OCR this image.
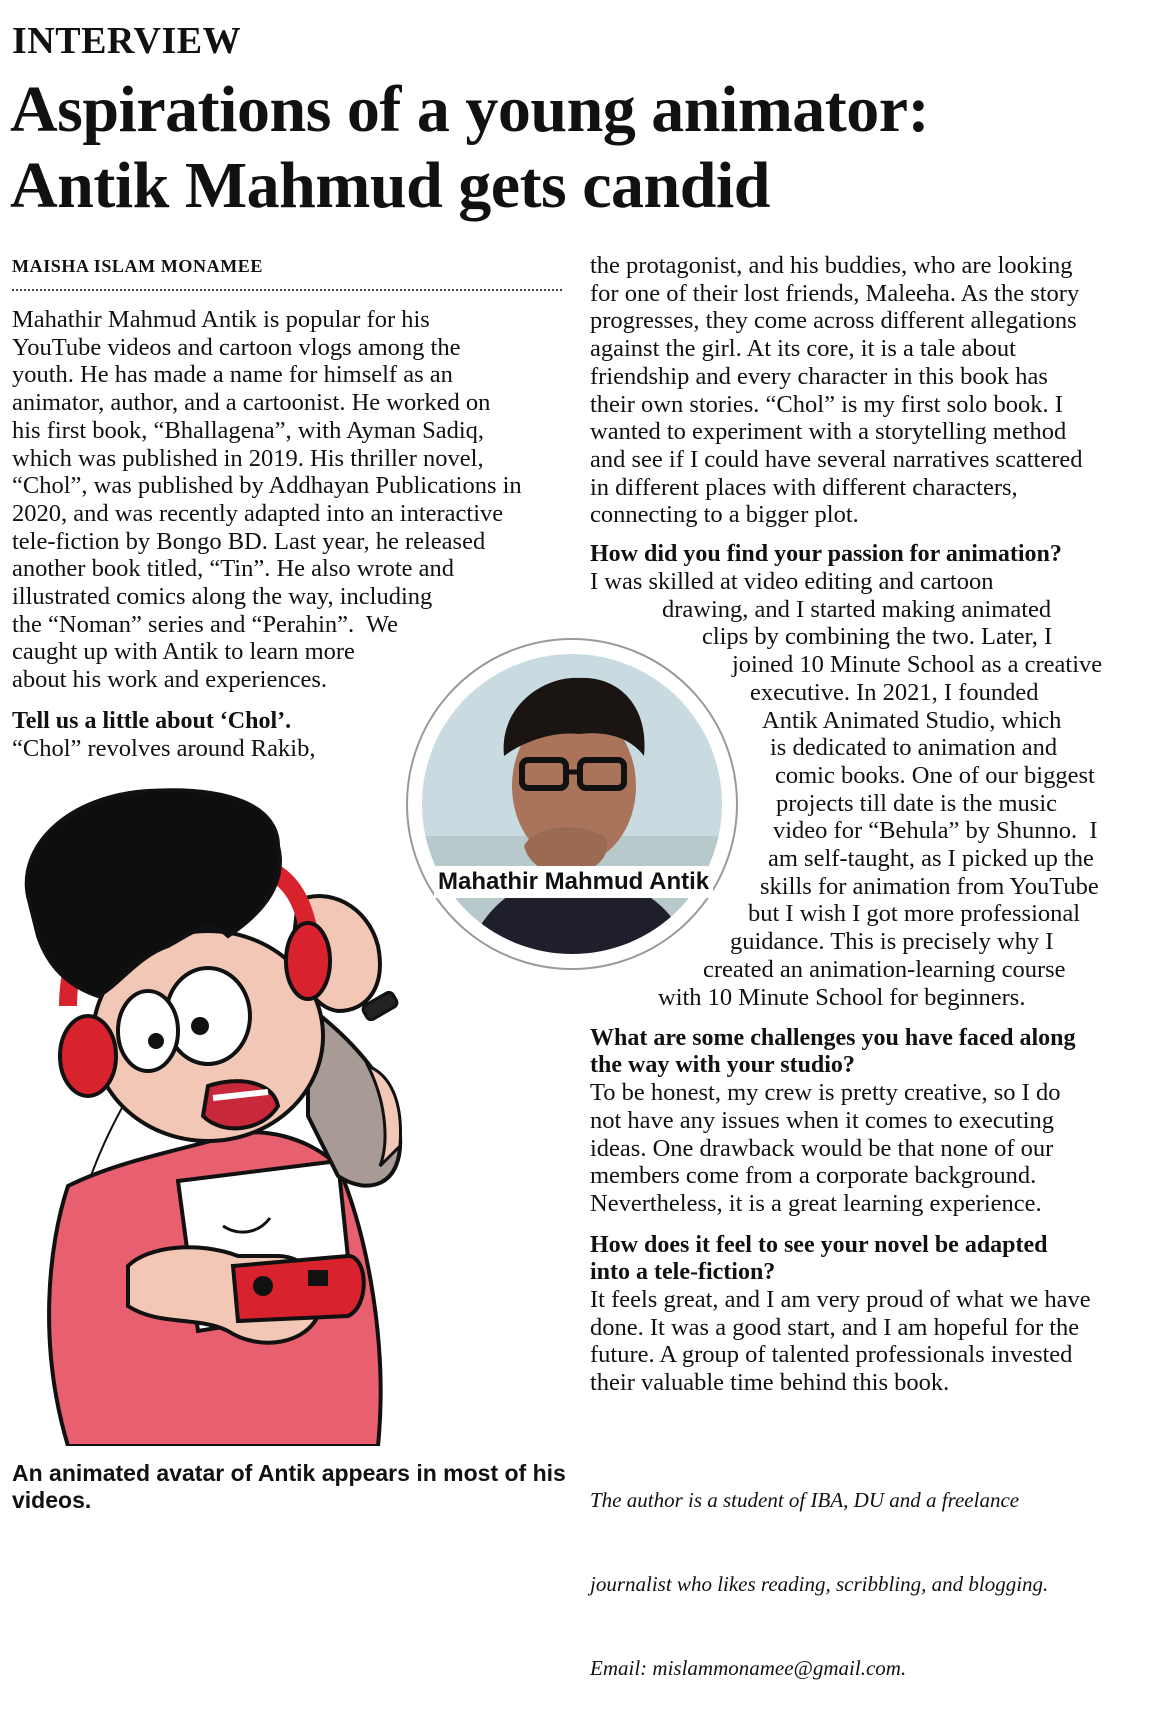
INTERVIEW
Aspirations of a young animator:
Antik Mahmud gets candid
MAISHA ISLAM MONAMEE
Mahathir Mahmud Antik is popular for his
YouTube videos and cartoon vlogs among the
youth. He has made a name for himself as an
animator, author, and a cartoonist. He worked on
his first book, “Bhallagena”, with Ayman Sadiq,
which was published in 2019. His thriller novel,
“Chol”, was published by Addhayan Publications in
2020, and was recently adapted into an interactive
tele-fiction by Bongo BD. Last year, he released
another book titled, “Tin”. He also wrote and
illustrated comics along the way, including
the “Noman” series and “Perahin”.  We
caught up with Antik to learn more
about his work and experiences.
Tell us a little about ‘Chol’.
“Chol” revolves around Rakib,
the protagonist, and his buddies, who are looking
for one of their lost friends, Maleeha. As the story
progresses, they come across different allegations
against the girl. At its core, it is a tale about
friendship and every character in this book has
their own stories. “Chol” is my first solo book. I
wanted to experiment with a storytelling method
and see if I could have several narratives scattered
in different places with different characters,
connecting to a bigger plot.
How did you find your passion for animation?
I was skilled at video editing and cartoon
drawing, and I started making animated
clips by combining the two. Later, I
joined 10 Minute School as a creative
executive. In 2021, I founded
Antik Animated Studio, which
is dedicated to animation and
comic books. One of our biggest
projects till date is the music
video for “Behula” by Shunno.  I
am self-taught, as I picked up the
skills for animation from YouTube
but I wish I got more professional
guidance. This is precisely why I
created an animation-learning course
with 10 Minute School for beginners.
What are some challenges you have faced along
the way with your studio?
To be honest, my crew is pretty creative, so I do
not have any issues when it comes to executing
ideas. One drawback would be that none of our
members come from a corporate background.
Nevertheless, it is a great learning experience.
How does it feel to see your novel be adapted
into a tele-fiction?
It feels great, and I am very proud of what we have
done. It was a good start, and I am hopeful for the
future. A group of talented professionals invested
their valuable time behind this book.

The author is a student of IBA, DU and a freelance

journalist who likes reading, scribbling, and blogging.

Email: mislammonamee@gmail.com.

Mahathir Mahmud Antik
An animated avatar of Antik appears in most of his videos.
